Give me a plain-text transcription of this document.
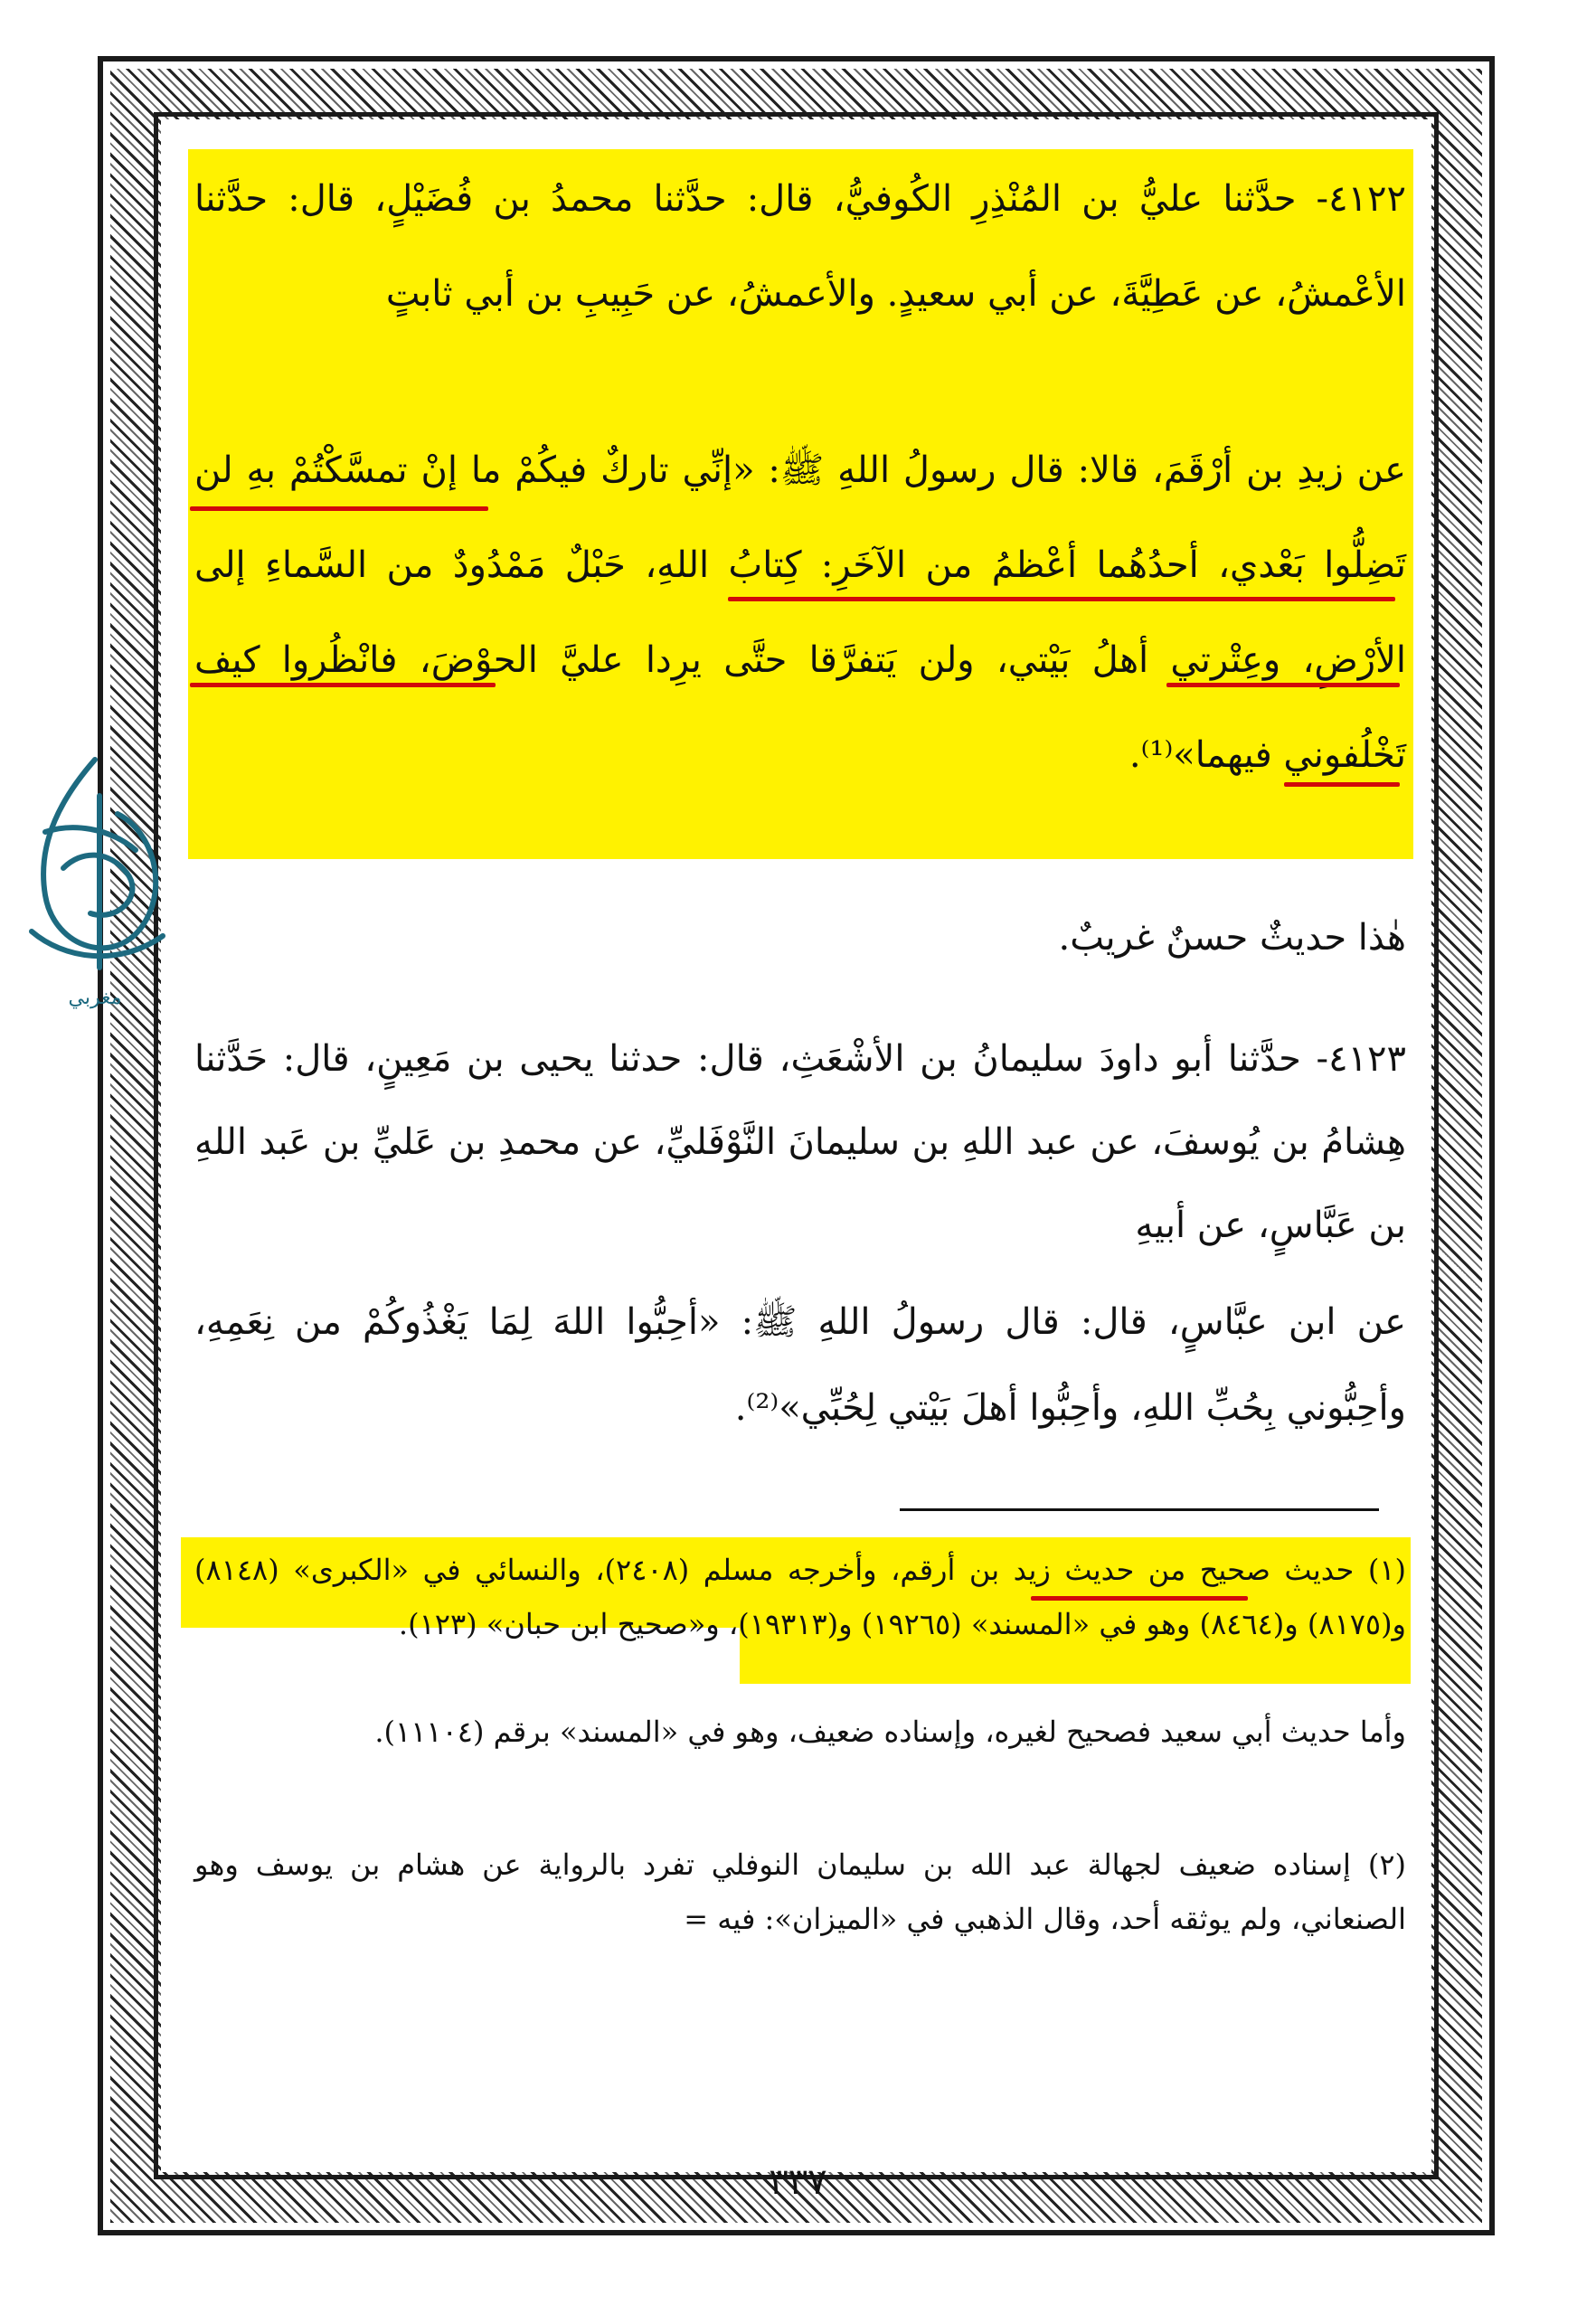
٤١٢٢- حدَّثنا عليُّ بن المُنْذِرِ الكُوفيُّ، قال: حدَّثنا محمدُ بن فُضَيْلٍ، قال: حدَّثنا الأعْمشُ، عن عَطِيَّةَ، عن أبي سعيدٍ. والأعمشُ، عن حَبِيبِ بن أبي ثابتٍ
عن زيدِ بن أرْقَمَ، قالا: قال رسولُ اللهِ ﷺ: «إنِّي تاركٌ فيكُمْ ما إنْ تمسَّكْتُمْ بهِ لن تَضِلُّوا بَعْدي، أحدُهُما أعْظمُ من الآخَرِ: كِتابُ اللهِ، حَبْلٌ مَمْدُودٌ من السَّماءِ إلى الأرْضِ، وعِتْرتي أهلُ بَيْتي، ولن يَتفرَّقا حتَّى يرِدا عليَّ الحوْضَ، فانْظُروا كيف تَخْلُفوني فيهما»⁽¹⁾.
هٰذا حديثٌ حسنٌ غريبٌ.
٤١٢٣- حدَّثنا أبو داودَ سليمانُ بن الأشْعَثِ، قال: حدثنا يحيى بن مَعِينٍ، قال: حَدَّثنا هِشامُ بن يُوسفَ، عن عبد اللهِ بن سليمانَ النَّوْفَليِّ، عن محمدِ بن عَليِّ بن عَبد اللهِ بن عَبَّاسٍ، عن أبيهِ
عن ابن عبَّاسٍ، قال: قال رسولُ اللهِ ﷺ: «أحِبُّوا اللهَ لِمَا يَغْذُوكُمْ من نِعَمِهِ، وأحِبُّوني بِحُبِّ اللهِ، وأحِبُّوا أهلَ بَيْتي لِحُبِّي»⁽²⁾.
(١) حديث صحيح من حديث زيد بن أرقم، وأخرجه مسلم (٢٤٠٨)، والنسائي في «الكبرى» (٨١٤٨) و(٨١٧٥) و(٨٤٦٤) وهو في «المسند» (١٩٢٦٥) و(١٩٣١٣)، و«صحيح ابن حبان» (١٢٣).
وأما حديث أبي سعيد فصحيح لغيره، وإسناده ضعيف، وهو في «المسند» برقم (١١١٠٤).
(٢) إسناده ضعيف لجهالة عبد الله بن سليمان النوفلي تفرد بالرواية عن هشام بن يوسف وهو الصنعاني، ولم يوثقه أحد، وقال الذهبي في «الميزان»: فيه =
٣٣٧
مغربي
